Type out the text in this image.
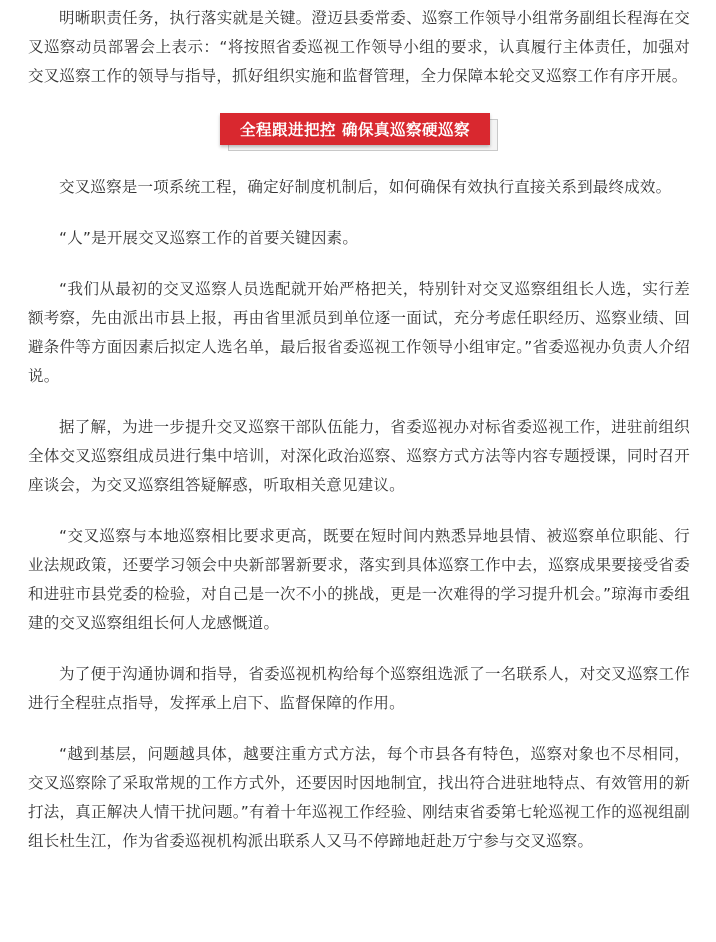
明晰职责任务，执行落实就是关键。澄迈县委常委、巡察工作领导小组常务副组长程海在交叉巡察动员部署会上表示：“将按照省委巡视工作领导小组的要求，认真履行主体责任，加强对交叉巡察工作的领导与指导，抓好组织实施和监督管理，全力保障本轮交叉巡察工作有序开展。

全程跟进把控 确保真巡察硬巡察

交叉巡察是一项系统工程，确定好制度机制后，如何确保有效执行直接关系到最终成效。

“人”是开展交叉巡察工作的首要关键因素。

“我们从最初的交叉巡察人员选配就开始严格把关，特别针对交叉巡察组组长人选，实行差额考察，先由派出市县上报，再由省里派员到单位逐一面试，充分考虑任职经历、巡察业绩、回避条件等方面因素后拟定人选名单，最后报省委巡视工作领导小组审定。”省委巡视办负责人介绍说。

据了解，为进一步提升交叉巡察干部队伍能力，省委巡视办对标省委巡视工作，进驻前组织全体交叉巡察组成员进行集中培训，对深化政治巡察、巡察方式方法等内容专题授课，同时召开座谈会，为交叉巡察组答疑解惑，听取相关意见建议。

“交叉巡察与本地巡察相比要求更高，既要在短时间内熟悉异地县情、被巡察单位职能、行业法规政策，还要学习领会中央新部署新要求，落实到具体巡察工作中去，巡察成果要接受省委和进驻市县党委的检验，对自己是一次不小的挑战，更是一次难得的学习提升机会。”琼海市委组建的交叉巡察组组长何人龙感慨道。

为了便于沟通协调和指导，省委巡视机构给每个巡察组选派了一名联系人，对交叉巡察工作进行全程驻点指导，发挥承上启下、监督保障的作用。

“越到基层，问题越具体，越要注重方式方法，每个市县各有特色，巡察对象也不尽相同，交叉巡察除了采取常规的工作方式外，还要因时因地制宜，找出符合进驻地特点、有效管用的新打法，真正解决人情干扰问题。”有着十年巡视工作经验、刚结束省委第七轮巡视工作的巡视组副组长杜生江，作为省委巡视机构派出联系人又马不停蹄地赶赴万宁参与交叉巡察。
